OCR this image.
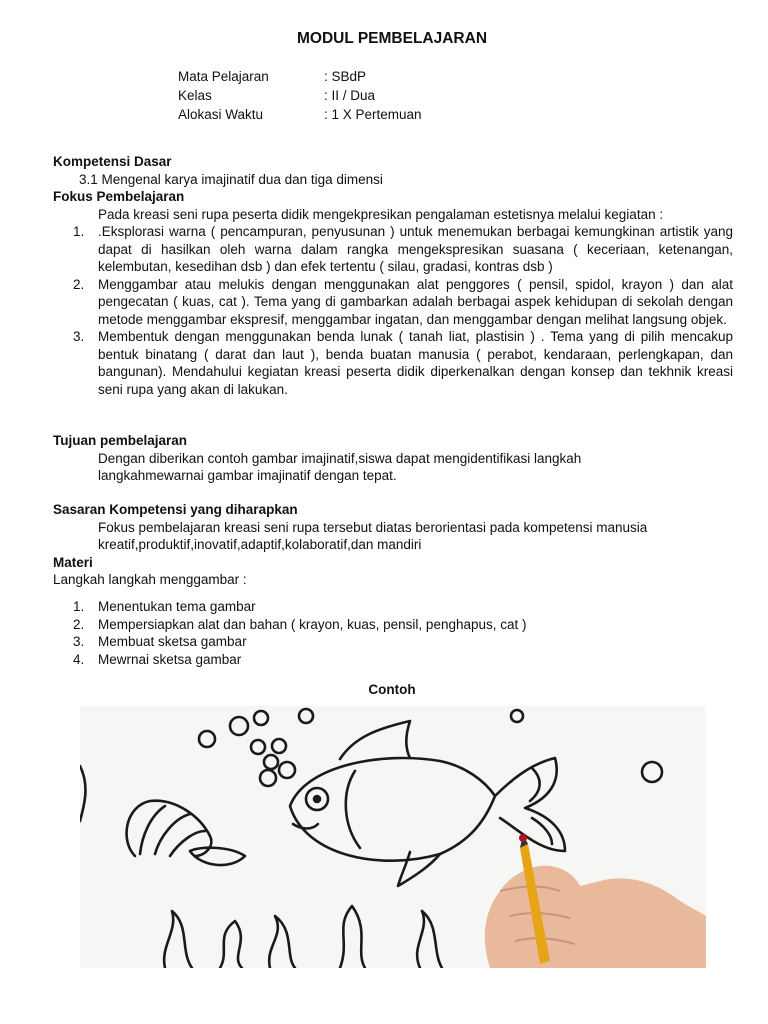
MODUL PEMBELAJARAN
Mata Pelajaran	: SBdP
Kelas	: II / Dua
Alokasi Waktu	: 1 X Pertemuan
Kompetensi Dasar
3.1 Mengenal karya imajinatif dua dan tiga dimensi
Fokus Pembelajaran
Pada kreasi seni rupa peserta didik mengekpresikan pengalaman estetisnya melalui kegiatan :
1.	.Eksplorasi warna ( pencampuran, penyusunan ) untuk menemukan berbagai kemungkinan artistik yang dapat di hasilkan oleh warna dalam rangka mengekspresikan suasana ( keceriaan, ketenangan, kelembutan, kesedihan dsb ) dan efek tertentu ( silau, gradasi, kontras dsb )
2.	Menggambar atau melukis dengan menggunakan alat penggores ( pensil, spidol, krayon ) dan alat pengecatan ( kuas, cat ). Tema yang di gambarkan adalah berbagai aspek kehidupan di sekolah dengan metode menggambar ekspresif, menggambar ingatan, dan menggambar dengan melihat langsung objek.
3.	Membentuk dengan menggunakan benda lunak ( tanah liat, plastisin ) . Tema yang di pilih mencakup bentuk binatang ( darat dan laut ), benda buatan manusia ( perabot, kendaraan, perlengkapan, dan bangunan). Mendahului kegiatan kreasi peserta didik diperkenalkan dengan konsep dan tekhnik kreasi seni rupa yang akan di lakukan.
Tujuan pembelajaran
Dengan diberikan contoh gambar imajinatif,siswa dapat mengidentifikasi langkah langkahmewarnai gambar imajinatif dengan tepat.
Sasaran Kompetensi yang diharapkan
Fokus pembelajaran kreasi seni rupa tersebut diatas berorientasi pada kompetensi manusia kreatif,produktif,inovatif,adaptif,kolaboratif,dan mandiri
Materi
Langkah langkah menggambar :
1.	Menentukan tema gambar
2.	Mempersiapkan alat dan bahan ( krayon, kuas, pensil, penghapus, cat )
3.	Membuat sketsa gambar
4.	Mewrnai sketsa gambar
Contoh
